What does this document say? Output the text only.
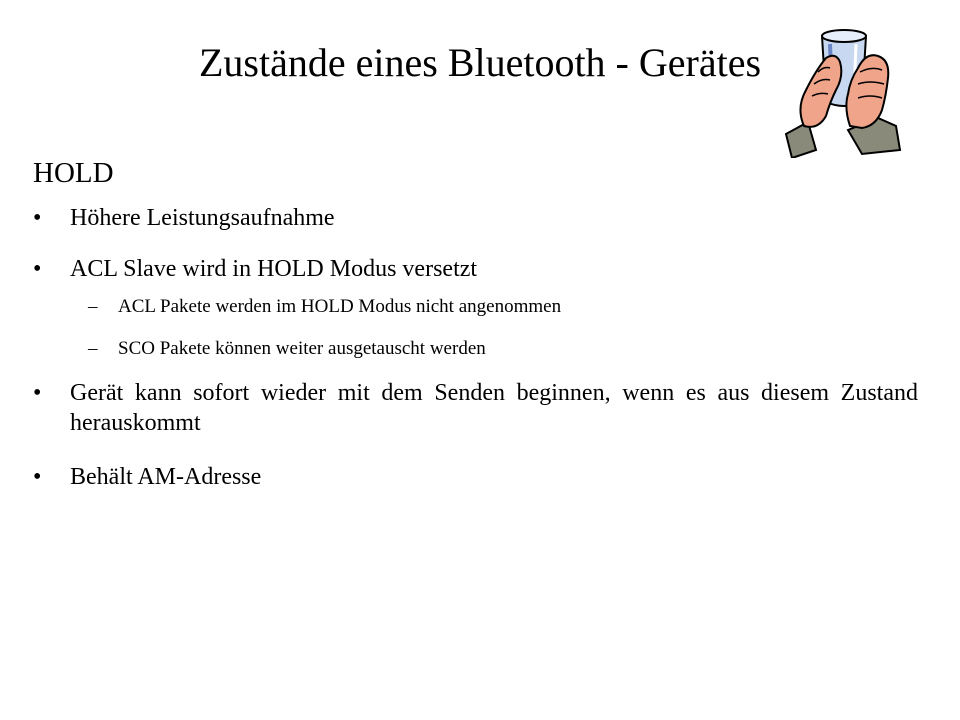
Zustände eines Bluetooth - Gerätes
HOLD
•	Höhere Leistungsaufnahme
•	ACL Slave wird in HOLD Modus versetzt
– ACL Pakete werden im HOLD Modus nicht angenommen
– SCO Pakete können weiter ausgetauscht werden
•	Gerät kann sofort wieder mit dem Senden beginnen, wenn es aus diesem Zustand herauskommt
•	Behält AM-Adresse
